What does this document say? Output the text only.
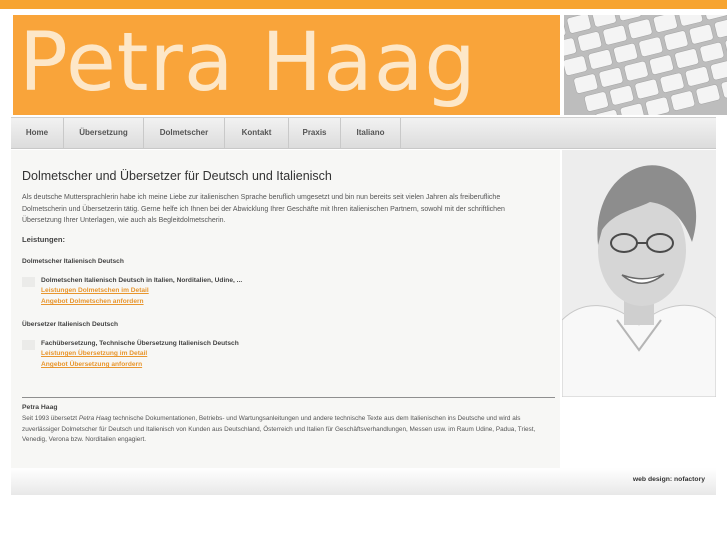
Petra Haag
Home	Übersetzung	Dolmetscher	Kontakt	Praxis	Italiano
Dolmetscher und Übersetzer für Deutsch und Italienisch

Als deutsche Muttersprachlerin habe ich meine Liebe zur italienischen Sprache beruflich umgesetzt und bin nun bereits seit vielen Jahren als freiberufliche Dolmetscherin und Übersetzerin tätig. Gerne helfe ich Ihnen bei der Abwicklung Ihrer Geschäfte mit Ihren italienischen Partnern, sowohl mit der schriftlichen Übersetzung Ihrer Unterlagen, wie auch als Begleitdolmetscherin.

Leistungen:

Dolmetscher Italienisch Deutsch

Dolmetschen Italienisch Deutsch in Italien, Norditalien, Udine, ...

Leistungen Dolmetschen im Detail
Angebot Dolmetschen anfordern

Übersetzer Italienisch Deutsch

Fachübersetzung, Technische Übersetzung Italienisch Deutsch

Leistungen Übersetzung im Detail
Angebot Übersetzung anfordern

Petra Haag

Seit 1993 übersetzt Petra Haag technische Dokumentationen, Betriebs- und Wartungsanleitungen und andere technische Texte aus dem Italienischen ins Deutsche und wird als zuverlässiger Dolmetscher für Deutsch und Italienisch von Kunden aus Deutschland, Österreich und Italien für Geschäftsverhandlungen, Messen usw. im Raum Udine, Padua, Triest, Venedig, Verona bzw. Norditalien engagiert.

web design: nofactory
